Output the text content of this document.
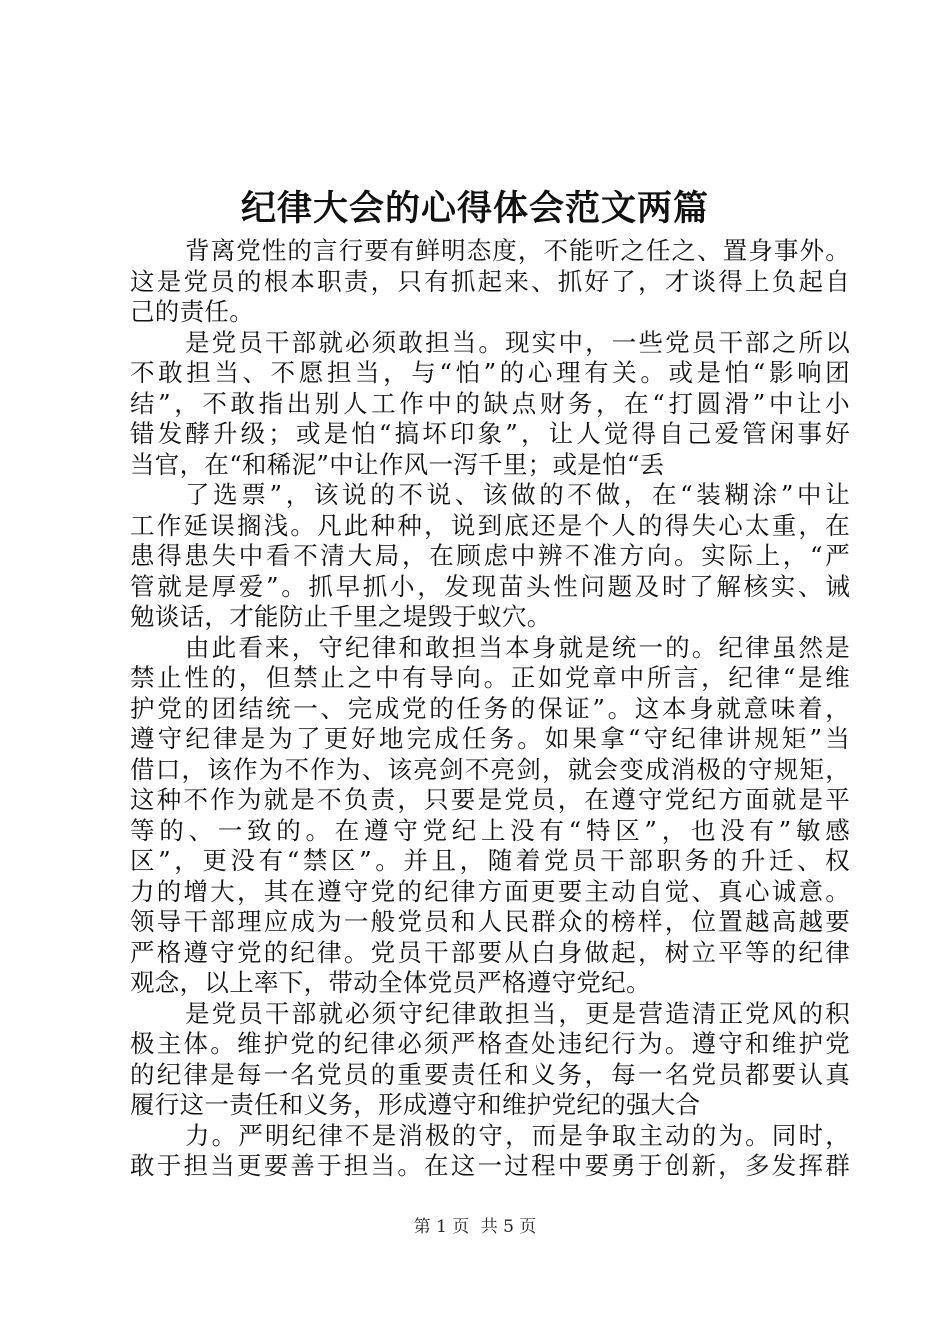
纪律大会的心得体会范文两篇
背离党性的言行要有鲜明态度，不能听之任之、置身事外。
这是党员的根本职责，只有抓起来、抓好了，才谈得上负起自
己的责任。
是党员干部就必须敢担当。现实中，一些党员干部之所以
不敢担当、不愿担当，与“怕”的心理有关。或是怕“影响团
结”，不敢指出别人工作中的缺点财务，在“打圆滑”中让小
错发酵升级；或是怕“搞坏印象”，让人觉得自己爱管闲事好
当官，在“和稀泥”中让作风一泻千里；或是怕“丢
了选票”，该说的不说、该做的不做，在“装糊涂”中让
工作延误搁浅。凡此种种，说到底还是个人的得失心太重，在
患得患失中看不清大局，在顾虑中辨不准方向。实际上，“严
管就是厚爱”。抓早抓小，发现苗头性问题及时了解核实、诫
勉谈话，才能防止千里之堤毁于蚁穴。
由此看来，守纪律和敢担当本身就是统一的。纪律虽然是
禁止性的，但禁止之中有导向。正如党章中所言，纪律“是维
护党的团结统一、完成党的任务的保证”。这本身就意味着，
遵守纪律是为了更好地完成任务。如果拿“守纪律讲规矩”当
借口，该作为不作为、该亮剑不亮剑，就会变成消极的守规矩，
这种不作为就是不负责，只要是党员，在遵守党纪方面就是平
等的、一致的。在遵守党纪上没有“特区”，也没有”敏感
区”，更没有“禁区”。并且，随着党员干部职务的升迁、权
力的增大，其在遵守党的纪律方面更要主动自觉、真心诚意。
领导干部理应成为一般党员和人民群众的榜样，位置越高越要
严格遵守党的纪律。党员干部要从白身做起，树立平等的纪律
观念，以上率下，带动全体党员严格遵守党纪。
是党员干部就必须守纪律敢担当，更是营造清正党风的积
极主体。维护党的纪律必须严格查处违纪行为。遵守和维护党
的纪律是每一名党员的重要责任和义务，每一名党员都要认真
履行这一责任和义务，形成遵守和维护党纪的强大合
力。严明纪律不是消极的守，而是争取主动的为。同时，
敢于担当更要善于担当。在这一过程中要勇于创新，多发挥群
第 1 页 共 5 页
